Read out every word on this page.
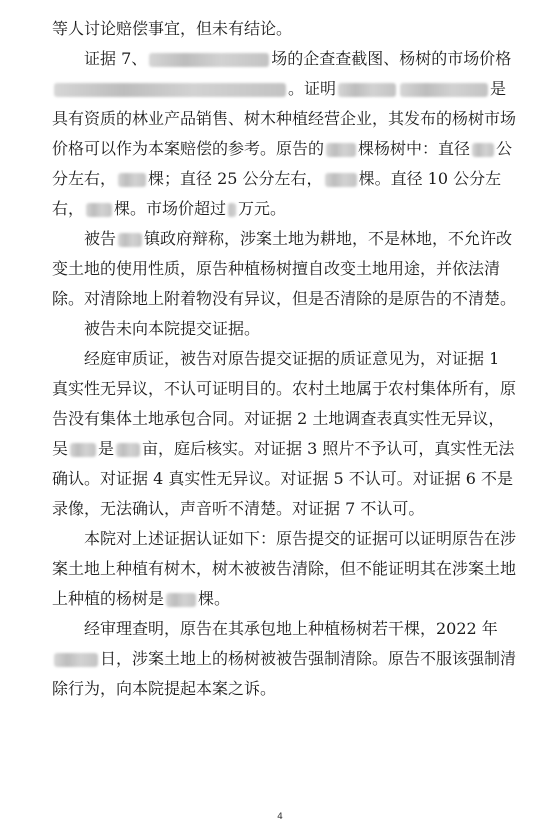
等人讨论赔偿事宜，但未有结论。

证据 7、	场的企查查截图、杨树的市场价格。证明	是具有资质的林业产品销售、树木种植经营企业，其发布的杨树市场价格可以作为本案赔偿的参考。原告的 棵杨树中：直径 公分左右， 棵；直径 25 公分左右， 棵。直径 10 公分左右， 棵。市场价超过 万元。

被告 镇政府辩称，涉案土地为耕地，不是林地，不允许改变土地的使用性质，原告种植杨树擅自改变土地用途，并依法清除。对清除地上附着物没有异议，但是否清除的是原告的不清楚。

被告未向本院提交证据。

经庭审质证，被告对原告提交证据的质证意见为，对证据 1 真实性无异议，不认可证明目的。农村土地属于农村集体所有，原告没有集体土地承包合同。对证据 2 土地调查表真实性无异议，吴 是 亩，庭后核实。对证据 3 照片不予认可，真实性无法确认。对证据 4 真实性无异议。对证据 5 不认可。对证据 6 不是录像，无法确认，声音听不清楚。对证据 7 不认可。

本院对上述证据认证如下：原告提交的证据可以证明原告在涉案土地上种植有树木，树木被被告清除，但不能证明其在涉案土地上种植的杨树是 棵。

经审理查明，原告在其承包地上种植杨树若干棵，2022 年日，涉案土地上的杨树被被告强制清除。原告不服该强制清除行为，向本院提起本案之诉。

4
